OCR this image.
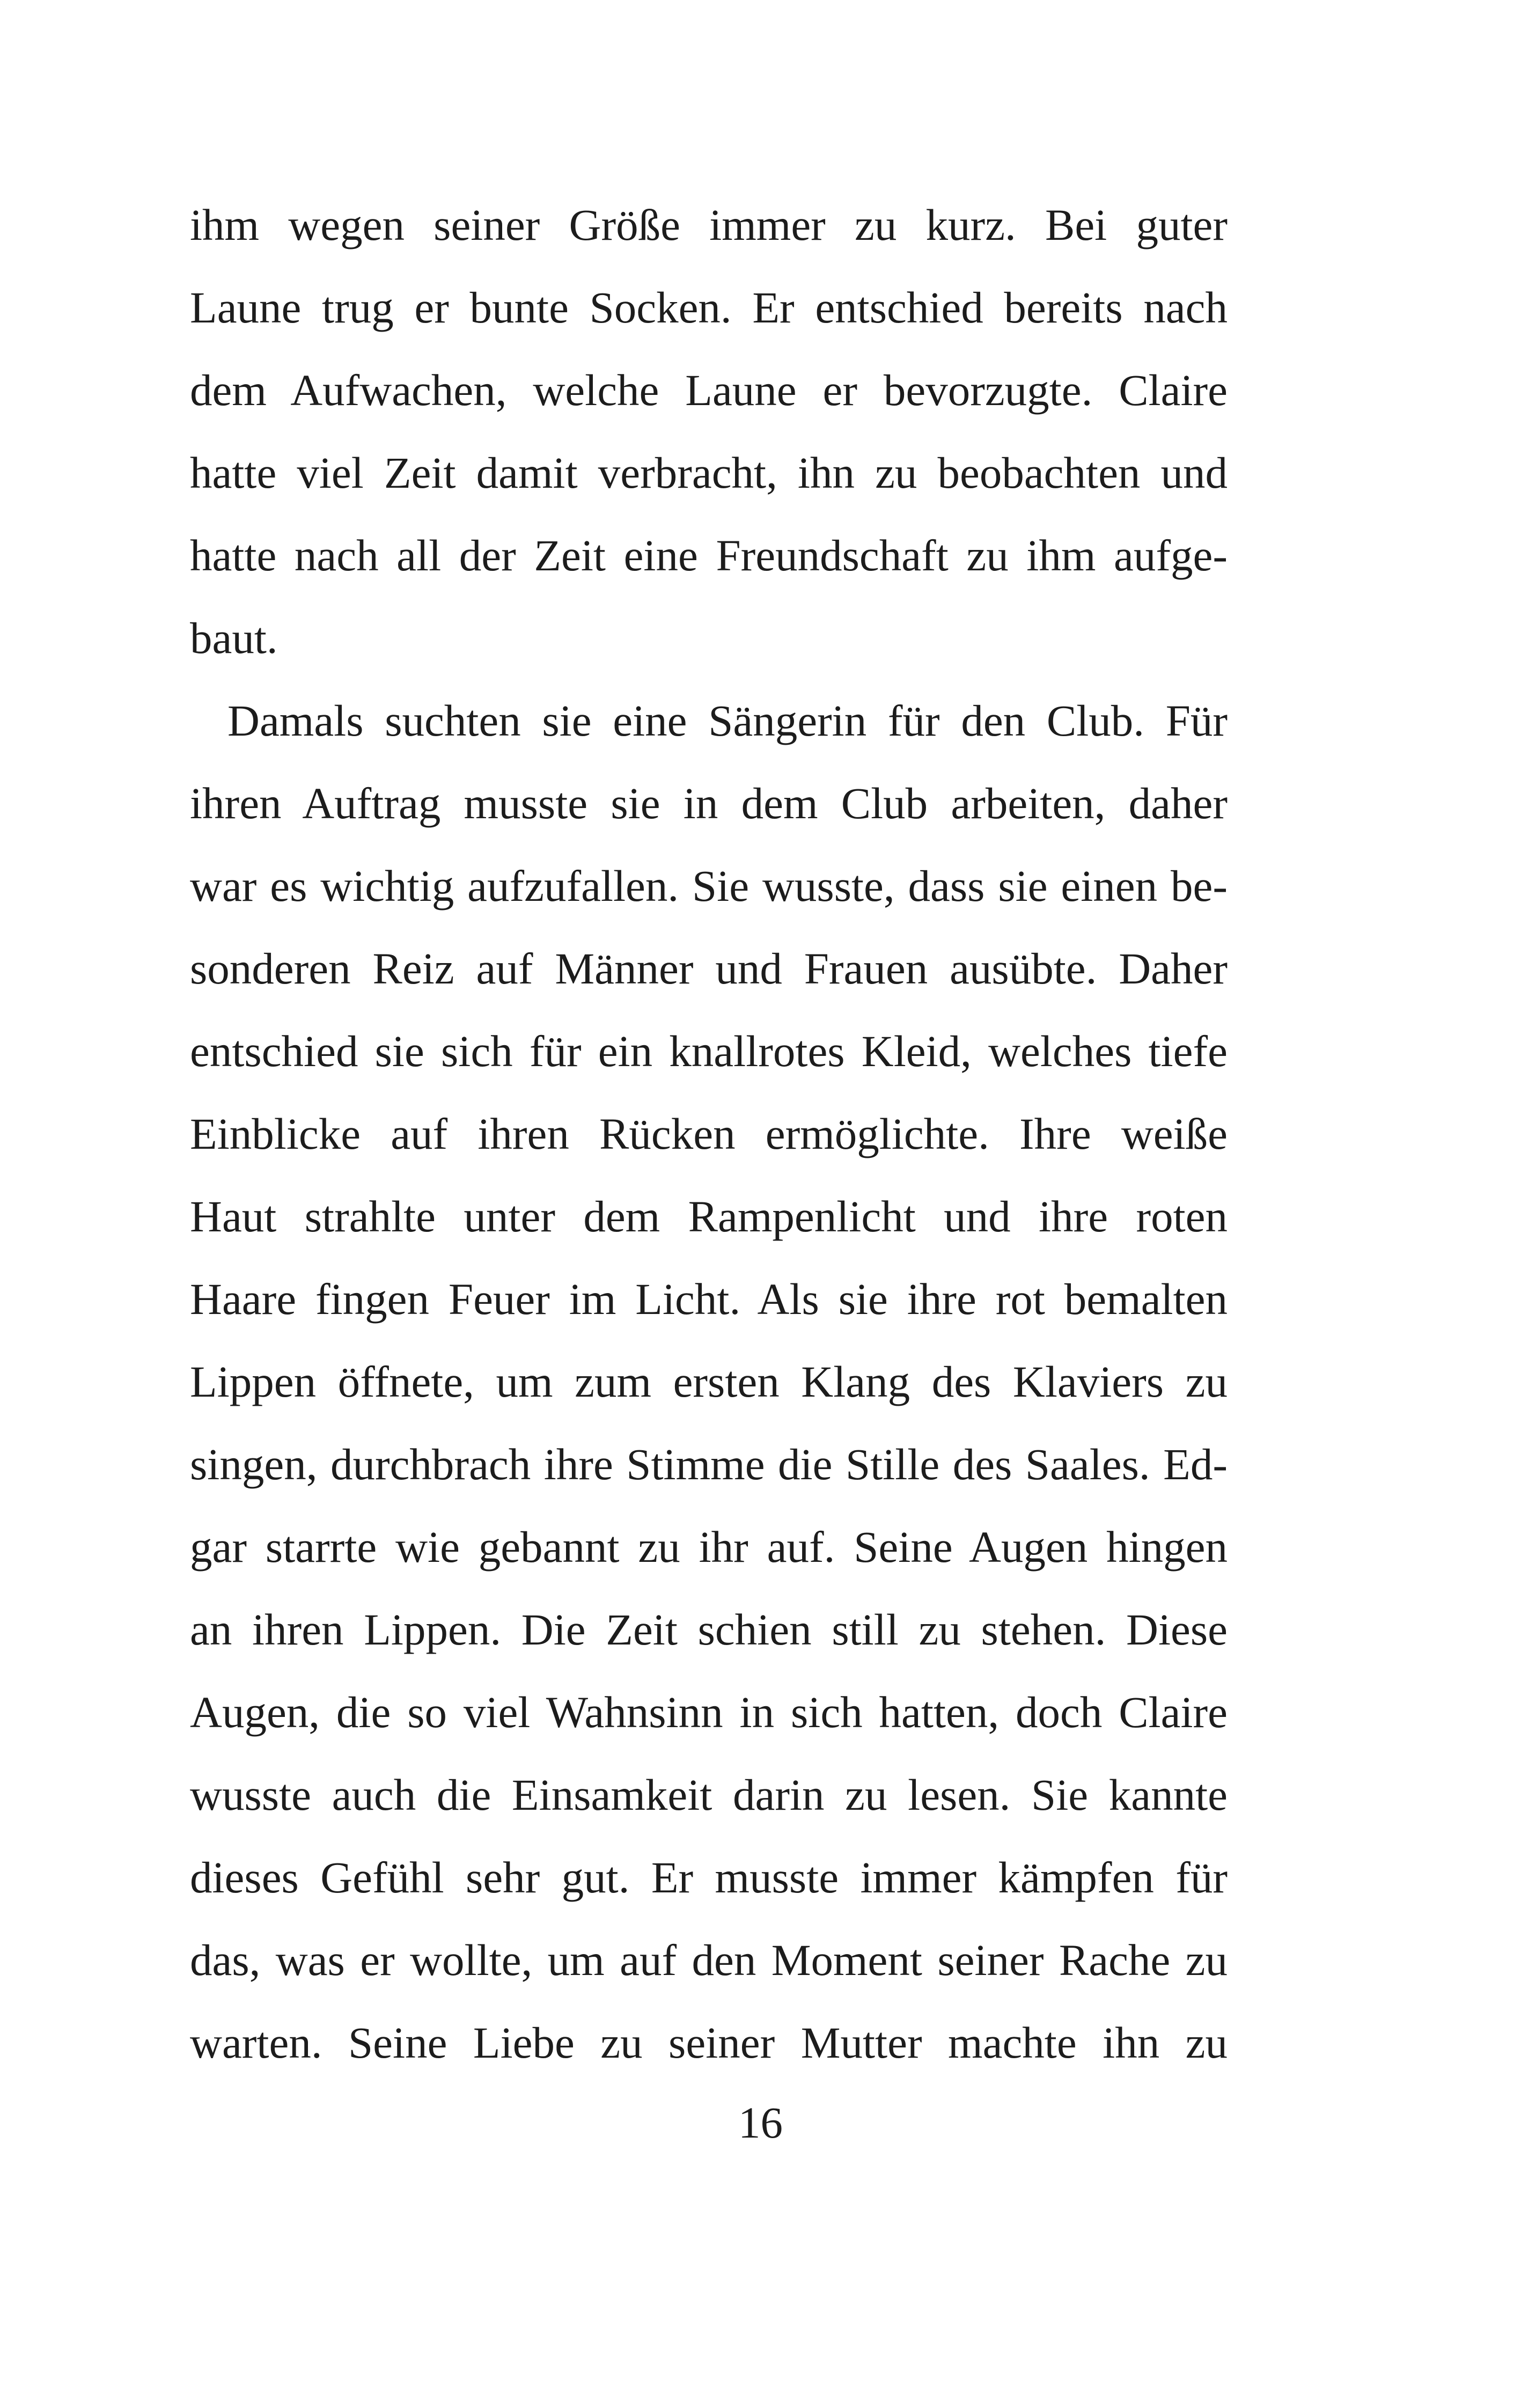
ihm wegen seiner Größe immer zu kurz. Bei guter
Laune trug er bunte Socken. Er entschied bereits nach
dem Aufwachen, welche Laune er bevorzugte. Claire
hatte viel Zeit damit verbracht, ihn zu beobachten und
hatte nach all der Zeit eine Freundschaft zu ihm aufge-
baut.
Damals suchten sie eine Sängerin für den Club. Für
ihren Auftrag musste sie in dem Club arbeiten, daher
war es wichtig aufzufallen. Sie wusste, dass sie einen be-
sonderen Reiz auf Männer und Frauen ausübte. Daher
entschied sie sich für ein knallrotes Kleid, welches tiefe
Einblicke auf ihren Rücken ermöglichte. Ihre weiße
Haut strahlte unter dem Rampenlicht und ihre roten
Haare fingen Feuer im Licht. Als sie ihre rot bemalten
Lippen öffnete, um zum ersten Klang des Klaviers zu
singen, durchbrach ihre Stimme die Stille des Saales. Ed-
gar starrte wie gebannt zu ihr auf. Seine Augen hingen
an ihren Lippen. Die Zeit schien still zu stehen. Diese
Augen, die so viel Wahnsinn in sich hatten, doch Claire
wusste auch die Einsamkeit darin zu lesen. Sie kannte
dieses Gefühl sehr gut. Er musste immer kämpfen für
das, was er wollte, um auf den Moment seiner Rache zu
warten. Seine Liebe zu seiner Mutter machte ihn zu
16
